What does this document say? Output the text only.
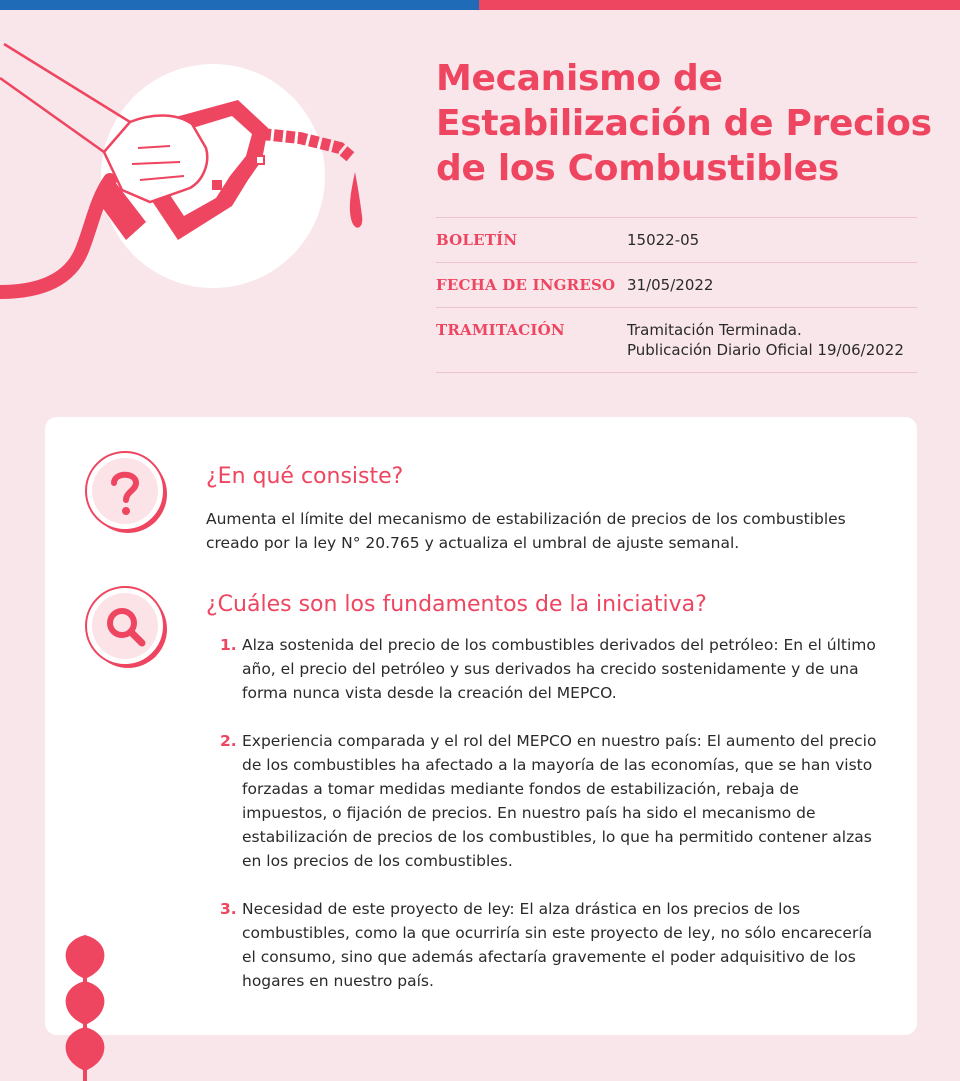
Mecanismo de Estabilización de Precios de los Combustibles
BOLETÍN	15022-05
FECHA DE INGRESO 31/05/2022
TRAMITACIÓN	Tramitación Terminada.
Publicación Diario Oficial 19/06/2022
¿En qué consiste?
Aumenta el límite del mecanismo de estabilización de precios de los combustibles creado por la ley N° 20.765 y actualiza el umbral de ajuste semanal.
¿Cuáles son los fundamentos de la iniciativa?
1. Alza sostenida del precio de los combustibles derivados del petróleo: En el último año, el precio del petróleo y sus derivados ha crecido sostenidamente y de una forma nunca vista desde la creación del MEPCO.
2. Experiencia comparada y el rol del MEPCO en nuestro país: El aumento del precio de los combustibles ha afectado a la mayoría de las economías, que se han visto forzadas a tomar medidas mediante fondos de estabilización, rebaja de impuestos, o fijación de precios. En nuestro país ha sido el mecanismo de estabilización de precios de los combustibles, lo que ha permitido contener alzas en los precios de los combustibles.
3. Necesidad de este proyecto de ley: El alza drástica en los precios de los combustibles, como la que ocurriría sin este proyecto de ley, no sólo encarecería el consumo, sino que además afectaría gravemente el poder adquisitivo de los hogares en nuestro país.
